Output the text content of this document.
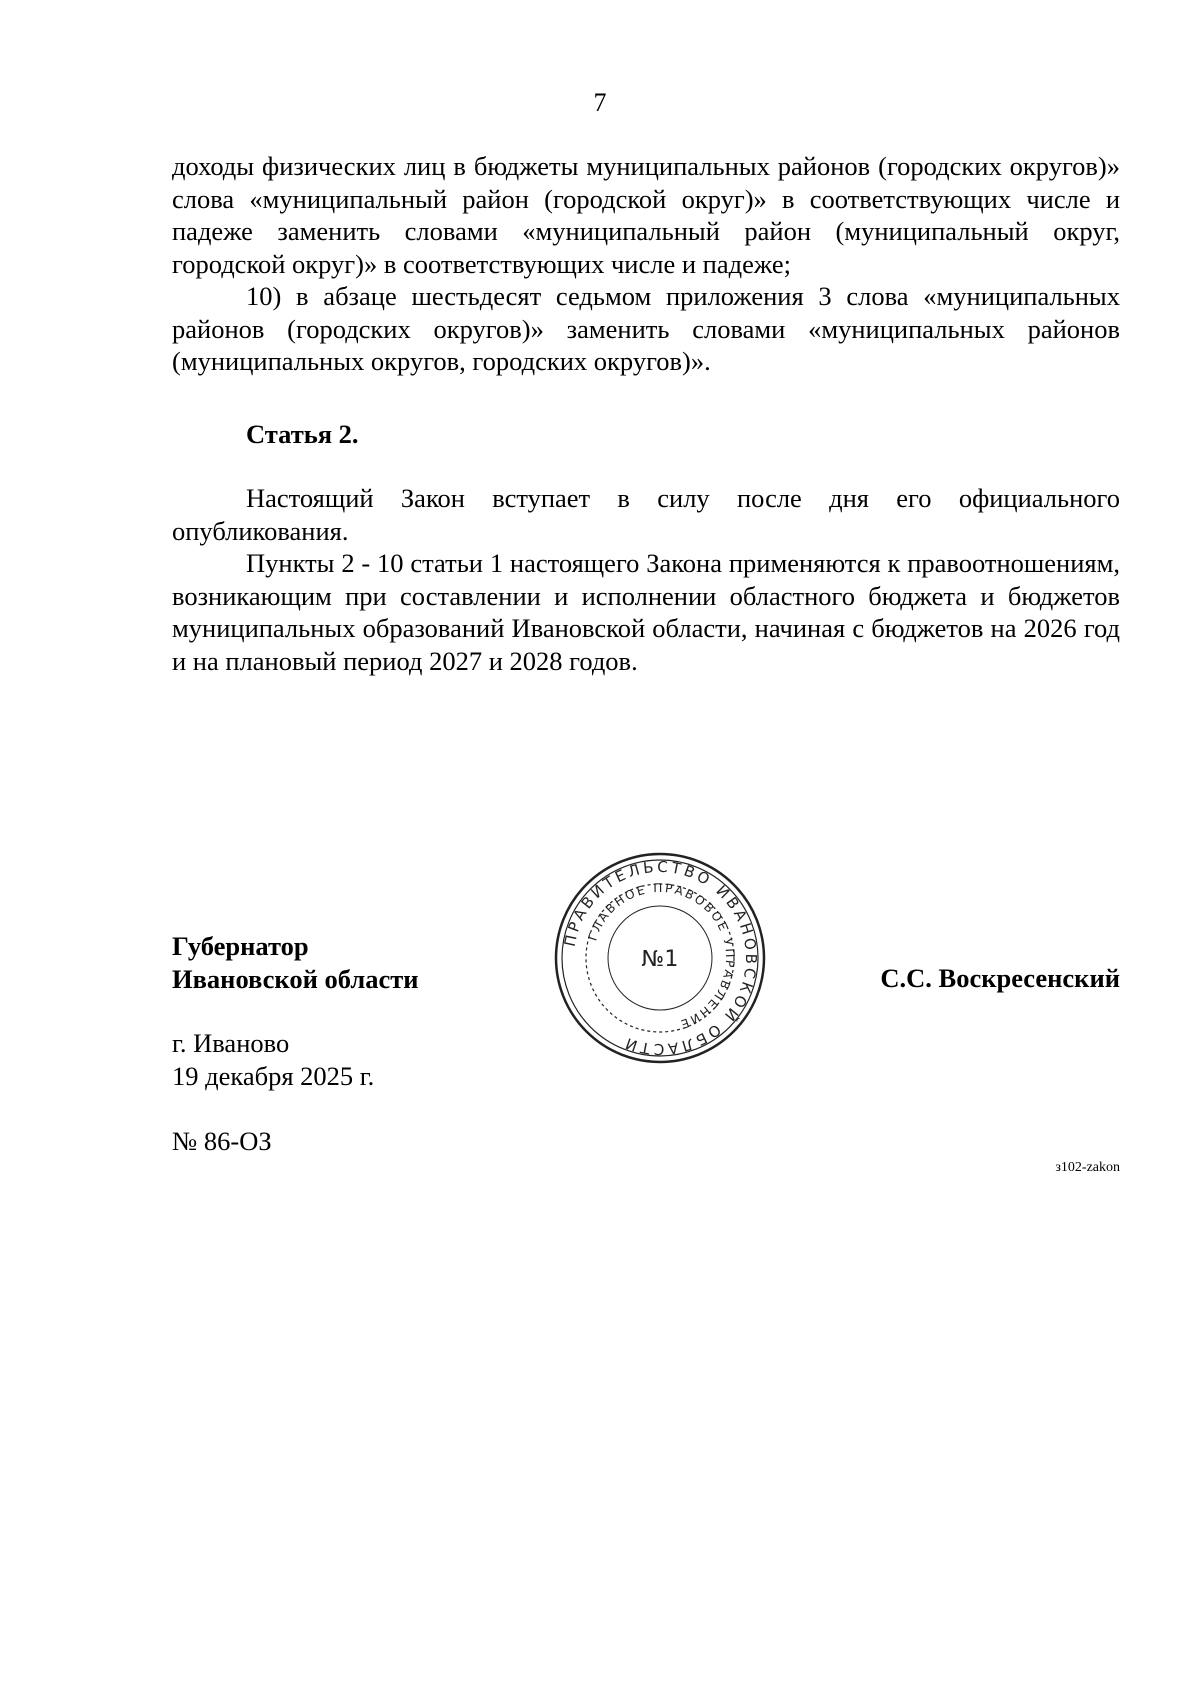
7

доходы физических лиц в бюджеты муниципальных районов (городских округов)» слова «муниципальный район (городской округ)» в соответствующих числе и падеже заменить словами «муниципальный район (муниципальный округ, городской округ)» в соответствующих числе и падеже;

10) в абзаце шестьдесят седьмом приложения 3 слова «муниципальных районов (городских округов)» заменить словами «муниципальных районов (муниципальных округов, городских округов)».

Статья 2.

Настоящий Закон вступает в силу после дня его официального опубликования.

Пункты 2 - 10 статьи 1 настоящего Закона применяются к правоотношениям, возникающим при составлении и исполнении областного бюджета и бюджетов муниципальных образований Ивановской области, начиная с бюджетов на 2026 год и на плановый период 2027 и 2028 годов.

Губернатор
Ивановской области
ПРАВИТЕЛЬСТВО ИВАНОВСКОЙ ОБЛАСТИ
ГЛАВНОЕ ПРАВОВОЕ УПРАВЛЕНИЕ
№1
С.С. Воскресенский
г. Иваново
19 декабря 2025 г.
№ 86-ОЗ
з102-zakon
